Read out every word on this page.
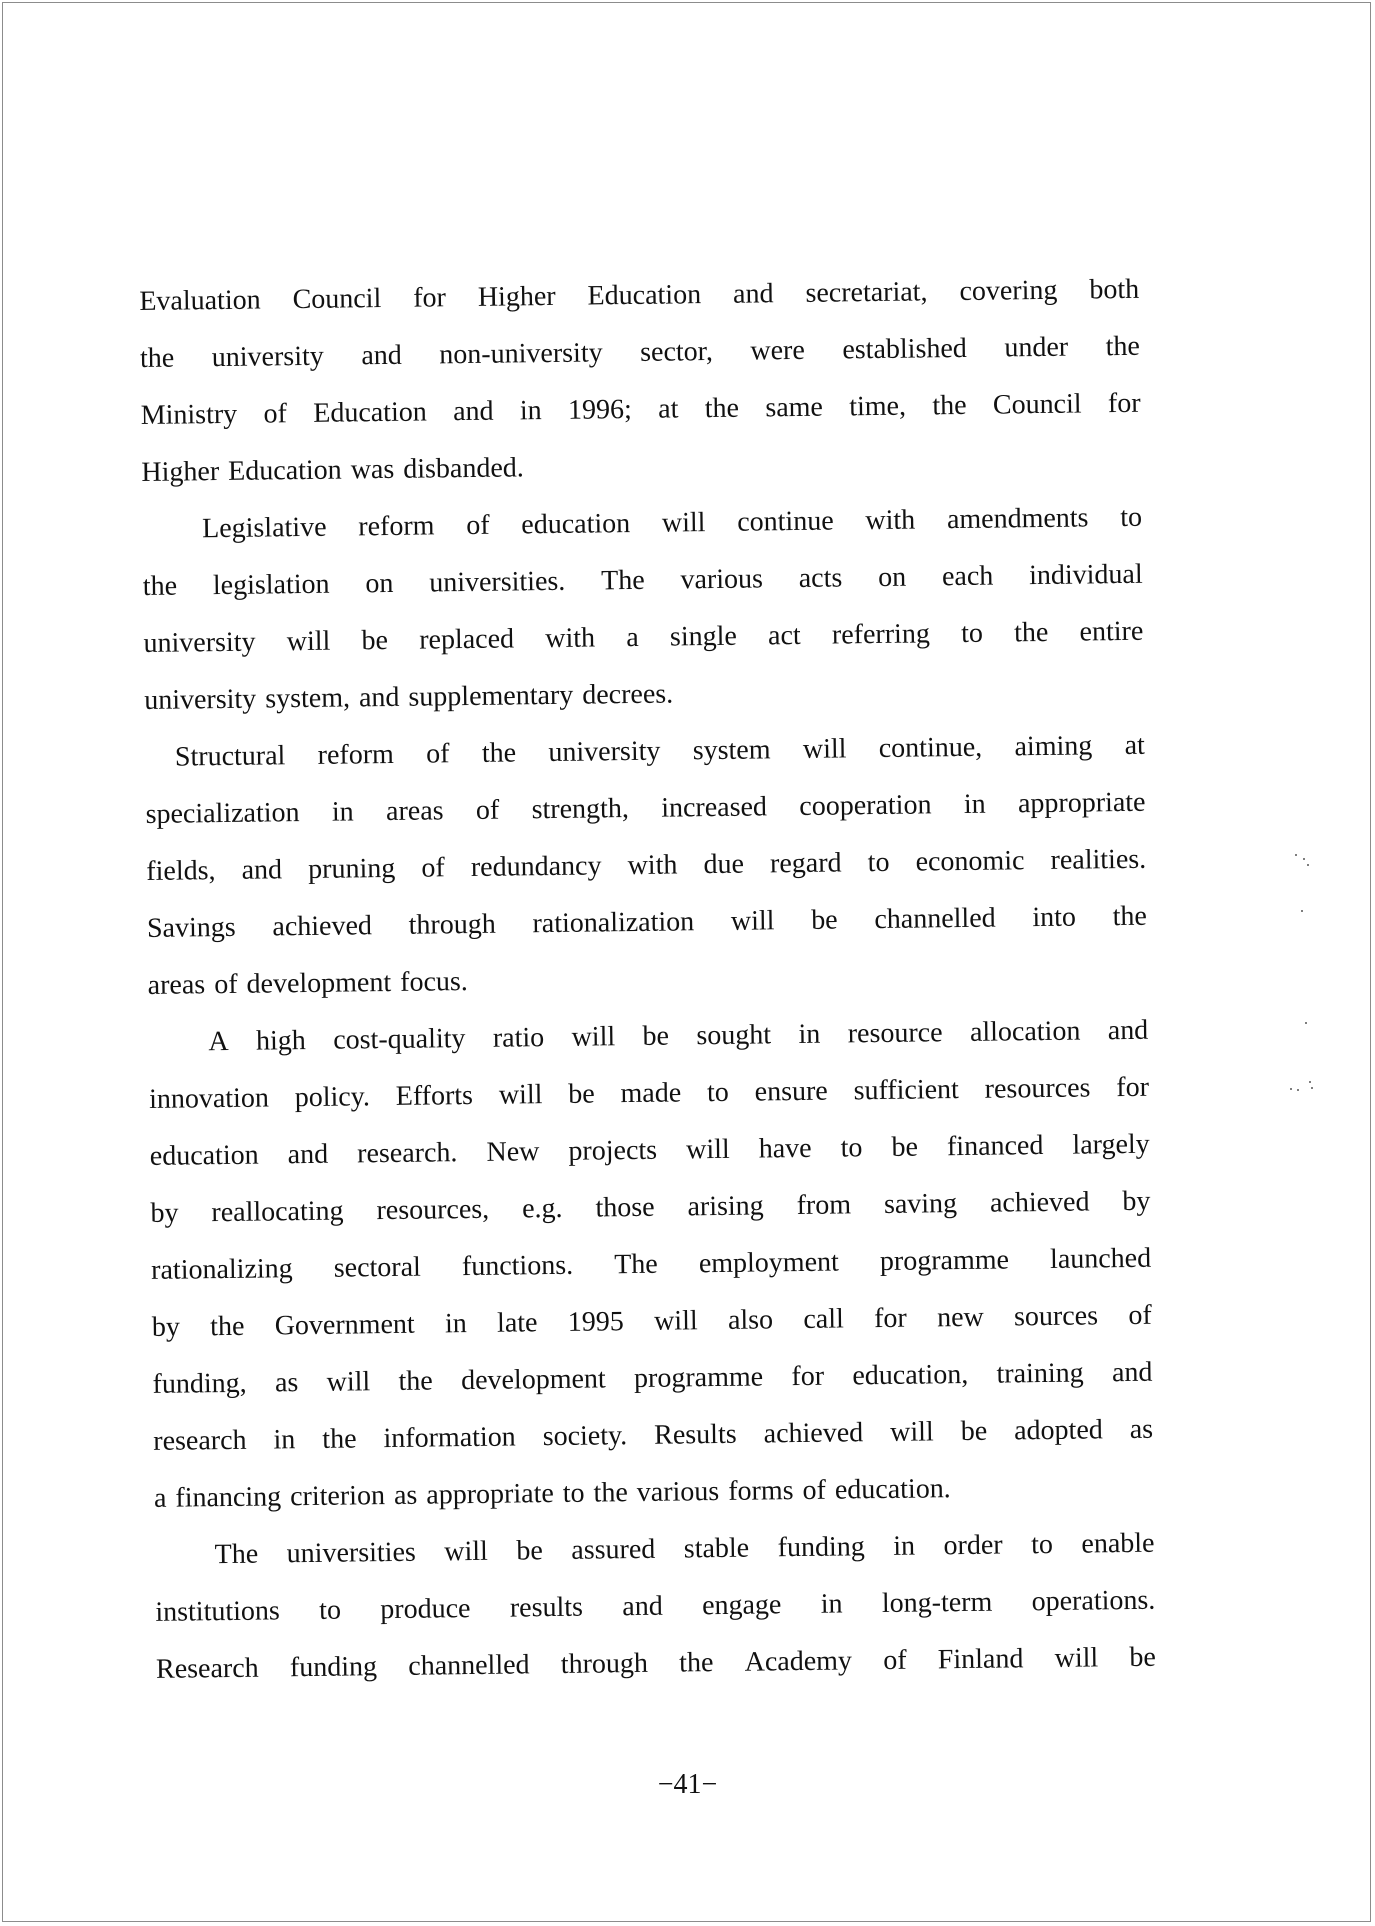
Evaluation Council for Higher Education and secretariat, covering both
the university and non-university sector, were established under the
Ministry of Education and in 1996; at the same time, the Council for
Higher Education was disbanded.
Legislative reform of education will continue with amendments to
the legislation on universities. The various acts on each individual
university will be replaced with a single act referring to the entire
university system, and supplementary decrees.
Structural reform of the university system will continue, aiming at
specialization in areas of strength, increased cooperation in appropriate
fields, and pruning of redundancy with due regard to economic realities.
Savings achieved through rationalization will be channelled into the
areas of development focus.
A high cost-quality ratio will be sought in resource allocation and
innovation policy. Efforts will be made to ensure sufficient resources for
education and research. New projects will have to be financed largely
by reallocating resources, e.g. those arising from saving achieved by
rationalizing sectoral functions. The employment programme launched
by the Government in late 1995 will also call for new sources of
funding, as will the development programme for education, training and
research in the information society. Results achieved will be adopted as
a financing criterion as appropriate to the various forms of education.
The universities will be assured stable funding in order to enable
institutions to produce results and engage in long-term operations.
Research funding channelled through the Academy of Finland will be
−41−
